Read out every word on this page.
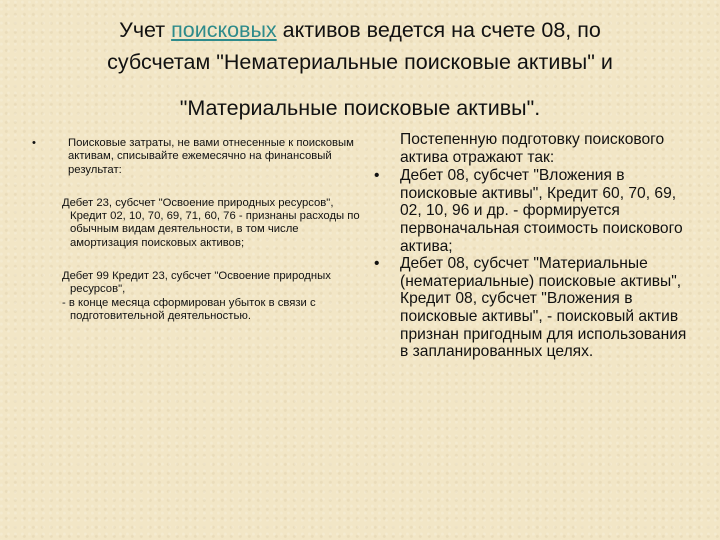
Учет поисковых активов ведется на счете 08, по
субсчетам "Нематериальные поисковые активы" и
"Материальные поисковые активы".
•	Поисковые затраты, не вами отнесенные к поисковым активам, списывайте ежемесячно на финансовый результат:
Дебет 23, субсчет "Освоение природных ресурсов", Кредит 02, 10, 70, 69, 71, 60, 76 - признаны расходы по обычным видам деятельности, в том числе амортизация поисковых активов;
Дебет 99 Кредит 23, субсчет "Освоение природных ресурсов",
- в конце месяца сформирован убыток в связи с подготовительной деятельностью.
Постепенную подготовку поискового актива отражают так:
• Дебет 08, субсчет "Вложения в поисковые активы", Кредит 60, 70, 69, 02, 10, 96 и др. - формируется первоначальная стоимость поискового актива;
• Дебет 08, субсчет "Материальные (нематериальные) поисковые активы", Кредит 08, субсчет "Вложения в поисковые активы", - поисковый актив признан пригодным для использования в запланированных целях.
